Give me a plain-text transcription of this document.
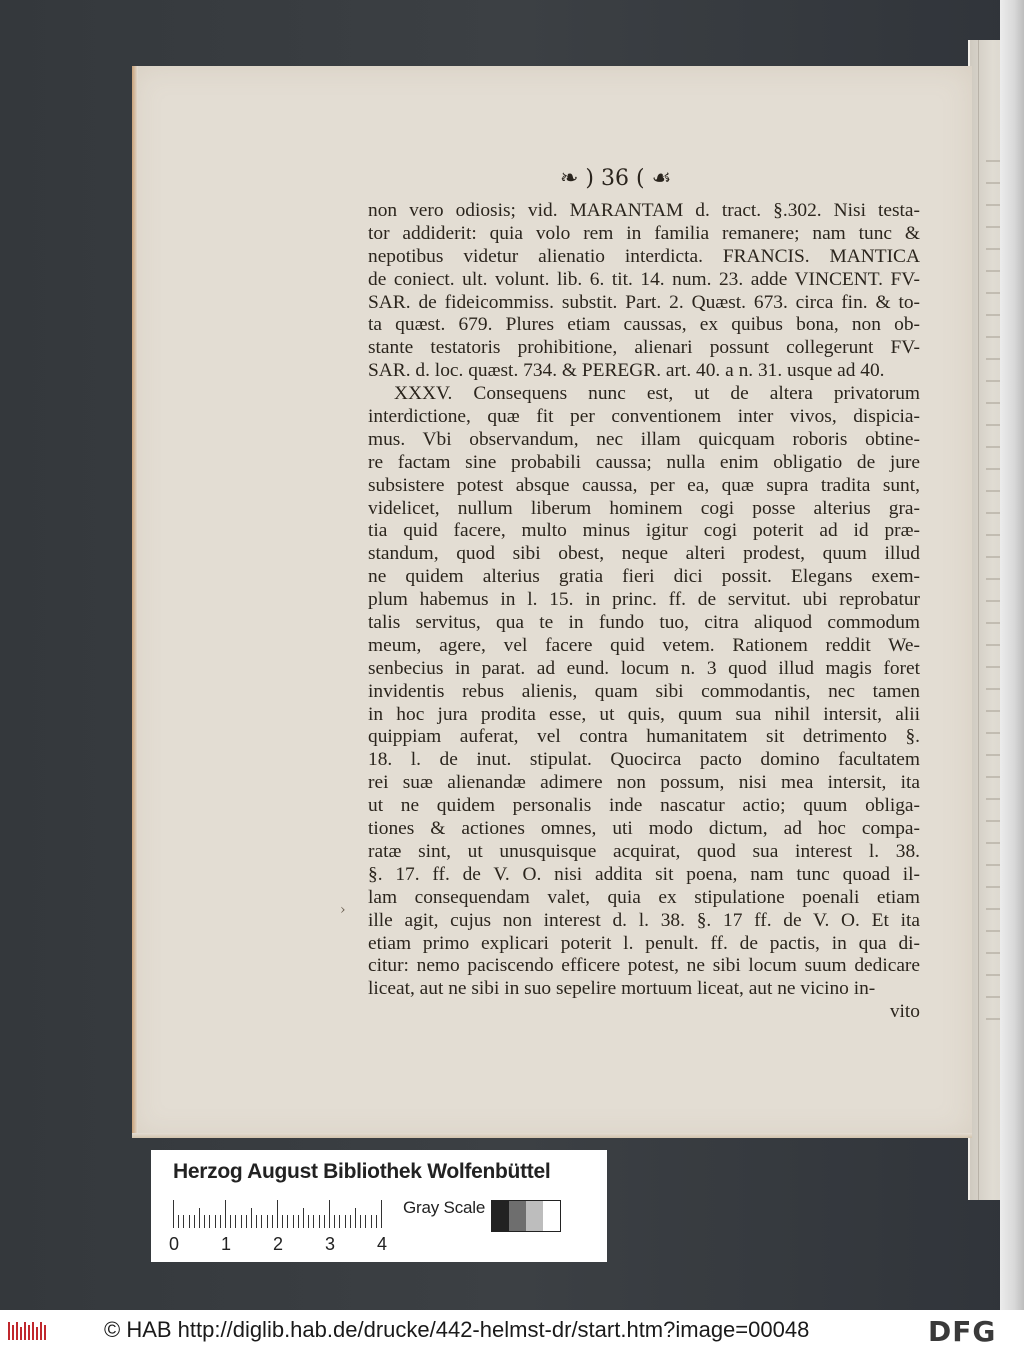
❧ ) 36 ( ☙
non vero odiosis; vid. MARANTAM d. tract. §.302. Nisi testa-
tor addiderit: quia volo rem in familia remanere; nam tunc &
nepotibus videtur alienatio interdicta. FRANCIS. MANTICA
de coniect. ult. volunt. lib. 6. tit. 14. num. 23. adde VINCENT. FV-
SAR. de fideicommiss. substit. Part. 2. Quæst. 673. circa fin. & to-
ta quæst. 679. Plures etiam caussas, ex quibus bona, non ob-
stante testatoris prohibitione, alienari possunt collegerunt FV-
SAR. d. loc. quæst. 734. & PEREGR. art. 40. a n. 31. usque ad 40.
XXXV. Consequens nunc est, ut de altera privatorum
interdictione, quæ fit per conventionem inter vivos, dispicia-
mus. Vbi observandum, nec illam quicquam roboris obtine-
re factam sine probabili caussa; nulla enim obligatio de jure
subsistere potest absque caussa, per ea, quæ supra tradita sunt,
videlicet, nullum liberum hominem cogi posse alterius gra-
tia quid facere, multo minus igitur cogi poterit ad id præ-
standum, quod sibi obest, neque alteri prodest, quum illud
ne quidem alterius gratia fieri dici possit. Elegans exem-
plum habemus in l. 15. in princ. ff. de servitut. ubi reprobatur
talis servitus, qua te in fundo tuo, citra aliquod commodum
meum, agere, vel facere quid vetem. Rationem reddit We-
senbecius in parat. ad eund. locum n. 3 quod illud magis foret
invidentis rebus alienis, quam sibi commodantis, nec tamen
in hoc jura prodita esse, ut quis, quum sua nihil intersit, alii
quippiam auferat, vel contra humanitatem sit detrimento §.
18. l. de inut. stipulat. Quocirca pacto domino facultatem
rei suæ alienandæ adimere non possum, nisi mea intersit, ita
ut ne quidem personalis inde nascatur actio; quum obliga-
tiones & actiones omnes, uti modo dictum, ad hoc compa-
ratæ sint, ut unusquisque acquirat, quod sua interest l. 38.
§. 17. ff. de V. O. nisi addita sit poena, nam tunc quoad il-
lam consequendam valet, quia ex stipulatione poenali etiam
ille agit, cujus non interest d. l. 38. §. 17 ff. de V. O. Et ita
etiam primo explicari poterit l. penult. ff. de pactis, in qua di-
citur: nemo paciscendo efficere potest, ne sibi locum suum dedicare
liceat, aut ne sibi in suo sepelire mortuum liceat, aut ne vicino in-
vito
›
Herzog August Bibliothek Wolfenbüttel
0 1 2 3 4
Gray Scale
© HAB http://diglib.hab.de/drucke/442-helmst-dr/start.htm?image=00048	DFG
